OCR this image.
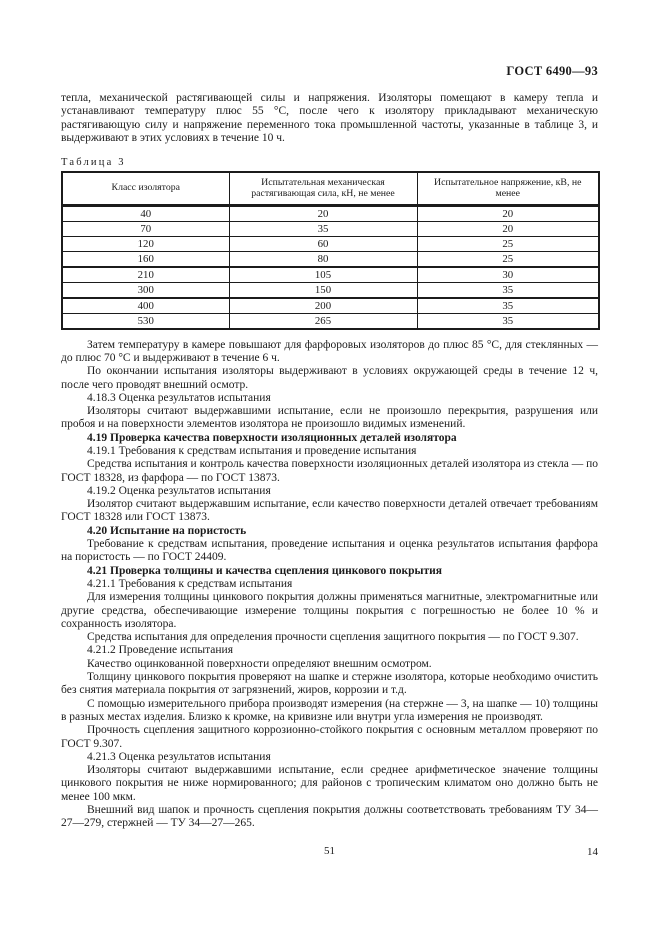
ГОСТ 6490—93

тепла, механической растягивающей силы и напряжения. Изоляторы помещают в камеру тепла и устанавливают температуру плюс 55 °С, после чего к изолятору прикладывают механическую растягивающую силу и напряжение переменного тока промышленной частоты, указанные в таблице 3, и выдерживают в этих условиях в течение 10 ч.

Таблица 3
Класс изолятора	Испытательная механическая растягивающая сила, кН, не менее	Испытательное напряжение, кВ, не менее
40	20	20
70	35	20
120	60	25
160	80	25
210	105	30
300	150	35
400	200	35
530	265	35

Затем температуру в камере повышают для фарфоровых изоляторов до плюс 85 °С, для стеклянных — до плюс 70 °С и выдерживают в течение 6 ч.

По окончании испытания изоляторы выдерживают в условиях окружающей среды в течение 12 ч, после чего проводят внешний осмотр.

4.18.3 Оценка результатов испытания

Изоляторы считают выдержавшими испытание, если не произошло перекрытия, разрушения или пробоя и на поверхности элементов изолятора не произошло видимых изменений.

4.19 Проверка качества поверхности изоляционных деталей изолятора

4.19.1 Требования к средствам испытания и проведение испытания

Средства испытания и контроль качества поверхности изоляционных деталей изолятора из стекла — по ГОСТ 18328, из фарфора — по ГОСТ 13873.

4.19.2 Оценка результатов испытания

Изолятор считают выдержавшим испытание, если качество поверхности деталей отвечает требованиям ГОСТ 18328 или ГОСТ 13873.

4.20 Испытание на пористость

Требование к средствам испытания, проведение испытания и оценка результатов испытания фарфора на пористость — по ГОСТ 24409.

4.21 Проверка толщины и качества сцепления цинкового покрытия

4.21.1 Требования к средствам испытания

Для измерения толщины цинкового покрытия должны применяться магнитные, электромагнитные или другие средства, обеспечивающие измерение толщины покрытия с погрешностью не более 10 % и сохранность изолятора.

Средства испытания для определения прочности сцепления защитного покрытия — по ГОСТ 9.307.

4.21.2 Проведение испытания

Качество оцинкованной поверхности определяют внешним осмотром.

Толщину цинкового покрытия проверяют на шапке и стержне изолятора, которые необходимо очистить без снятия материала покрытия от загрязнений, жиров, коррозии и т.д.

С помощью измерительного прибора производят измерения (на стержне — 3, на шапке — 10) толщины в разных местах изделия. Близко к кромке, на кривизне или внутри угла измерения не производят.

Прочность сцепления защитного коррозионно-стойкого покрытия с основным металлом проверяют по ГОСТ 9.307.

4.21.3 Оценка результатов испытания

Изоляторы считают выдержавшими испытание, если среднее арифметическое значение толщины цинкового покрытия не ниже нормированного; для районов с тропическим климатом оно должно быть не менее 100 мкм.

Внешний вид шапок и прочность сцепления покрытия должны соответствовать требованиям ТУ 34—27—279, стержней — ТУ 34—27—265.

51	14
